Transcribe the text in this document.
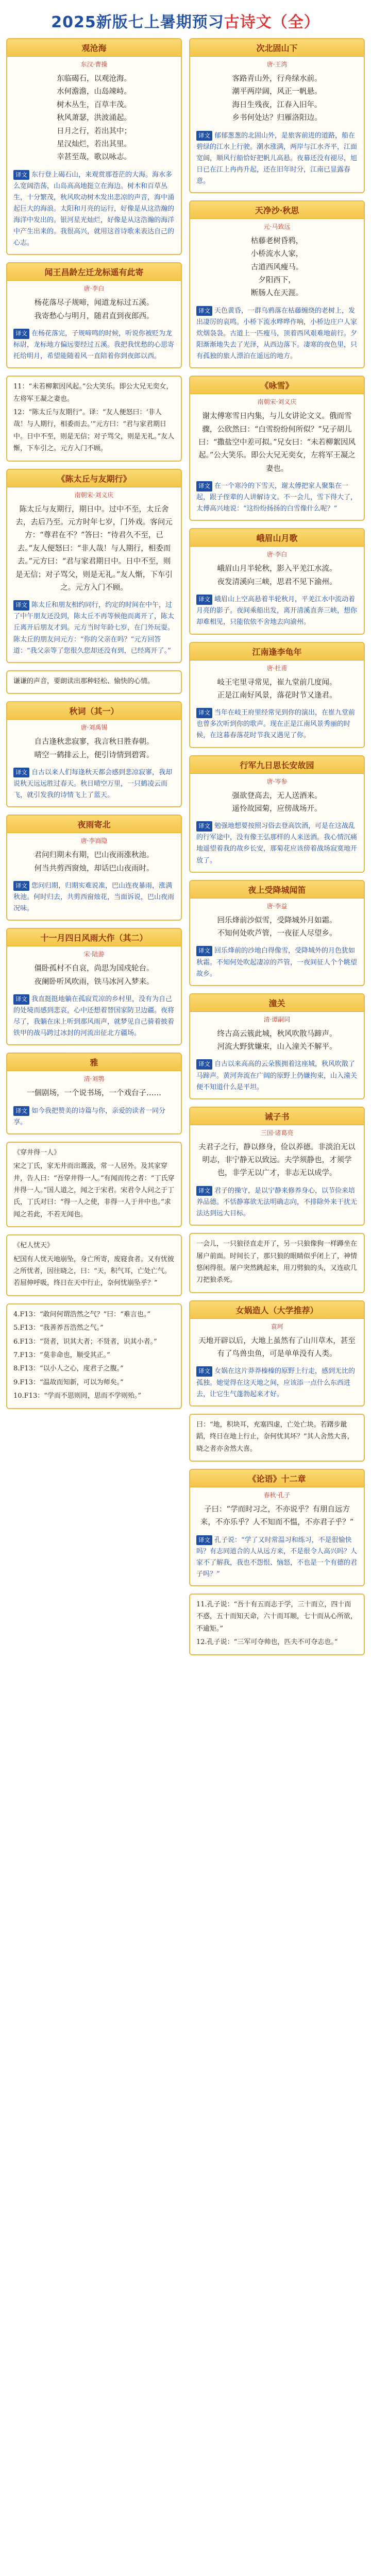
2025新版七上暑期预习古诗文（全）
观沧海
东汉·曹操
东临碣石，以观沧海。
水何澹澹，山岛竦峙。
树木丛生，百草丰茂。
秋风萧瑟，洪波涌起。
日月之行，若出其中；
星汉灿烂，若出其里。
幸甚至哉，歌以咏志。
译文 东行登上碣石山，来观赏那苍茫的大海。海水多么宽阔浩荡，山岛高高地挺立在海边。树木和百草丛生，十分繁茂，秋风吹动树木发出悲凉的声音，海中涌起巨大的海浪。太阳和月亮的运行，好像是从这浩瀚的海洋中发出的。银河星光灿烂，好像是从这浩瀚的海洋中产生出来的。我很高兴，就用这首诗歌来表达自己的心志。
闻王昌龄左迁龙标遥有此寄
唐·李白
杨花落尽子规啼，闻道龙标过五溪。
我寄愁心与明月，随君直到夜郎西。
译文 在杨花落完，子规啼鸣的时候，听说你被贬为龙标尉，龙标地方偏远要经过五溪。我把我忧愁的心思寄托给明月，希望能随着风一直陪着你到夜郎以西。

11：“未若柳絮因风起。”公大笑乐。即公大兄无奕女，左将军王凝之妻也。

12：“陈太丘与友期行”。译：“友人便怒曰：‘非人哉！与人期行，相委而去。’”元方曰：“君与家君期日中。日中不至，则是无信；对子骂父，则是无礼。”友人惭，下车引之。元方入门不顾。

《陈太丘与友期行》
南朝宋·刘义庆
陈太丘与友期行，期日中。过中不至，太丘舍去，去后乃至。元方时年七岁，门外戏。客问元方：“尊君在不？”答曰：“待君久不至，已去。”友人便怒曰：“非人哉！与人期行，相委而去。”元方曰：“君与家君期日中。日中不至，则是无信；对子骂父，则是无礼。”友人惭，下车引之。元方入门不顾。
译文 陈太丘和朋友相约同行，约定的时间在中午，过了中午朋友还没到，陈太丘不再等候他而离开了，陈太丘离开后朋友才到。元方当时年龄七岁，在门外玩耍。陈太丘的朋友问元方：“你的父亲在吗？”元方回答道：“我父亲等了您很久您却还没有到，已经离开了。”

谦谦的声音，要朗读出那种轻松、愉快的心情。

秋词（其一）
唐·刘禹锡
自古逢秋悲寂寥，我言秋日胜春朝。
晴空一鹤排云上，便引诗情到碧霄。
译文 自古以来人们每逢秋天都会感到悲凉寂寥，我却说秋天远远胜过春天。秋日晴空万里，一只鹤凌云而飞，就引发我的诗情飞上了蓝天。
夜雨寄北
唐·李商隐
君问归期未有期，巴山夜雨涨秋池。
何当共剪西窗烛，却话巴山夜雨时。
译文 您问归期，归期实难说准，巴山连夜暴雨，涨满秋池。何时归去，共剪西窗烛花，当面诉说，巴山夜雨况味。
十一月四日风雨大作（其二）
宋·陆游
僵卧孤村不自哀，尚思为国戍轮台。
夜阑卧听风吹雨，铁马冰河入梦来。
译文 我直挺挺地躺在孤寂荒凉的乡村里，没有为自己的处境而感到悲哀，心中还想着替国家防卫边疆。夜将尽了，我躺在床上听到那风雨声，就梦见自己骑着披着铁甲的战马跨过冰封的河流出征北方疆场。
雅
清·刘鹗
一個剧场，一个说书场，一个戏台子……
译文 如今我把赞美的诗篇与你，亲爱的读者一同分享。

《穿井得一人》

宋之丁氏，家无井而出溉汲，常一人居外。及其家穿井，告人曰：“吾穿井得一人。”有闻而传之者：“丁氏穿井得一人。”国人道之，闻之于宋君。宋君令人问之于丁氏，丁氏对曰：“得一人之使，非得一人于井中也。”求闻之若此，不若无闻也。

《杞人忧天》

杞国有人忧天地崩坠，身亡所寄，废寝食者。又有忧彼之所忧者，因往晓之，曰：“天，积气耳，亡处亡气。若屈伸呼吸，终日在天中行止，奈何忧崩坠乎？”

4.F13：“敢问何谓浩然之气？”曰：“难言也。”

5.F13：“我善养吾浩然之气。”

6.F13：“贤者，识其大者；不贤者，识其小者。”

7.F13：“莫非命也，顺受其正。”

8.F13：“以小人之心，度君子之腹。”

9.F13：“温故而知新，可以为师矣。”

10.F13：“学而不思则罔，思而不学则殆。”

次北固山下
唐·王湾
客路青山外，行舟绿水前。
潮平两岸阔，风正一帆悬。
海日生残夜，江春入旧年。
乡书何处达？归雁洛阳边。
译文 郁郁葱葱的北固山外，是旅客前进的道路，船在碧绿的江水上行驶。潮水涨满，两岸与江水齐平，江面宽阔，顺风行船恰好把帆儿高悬。夜幕还没有褪尽，旭日已在江上冉冉升起，还在旧年时分，江南已显露春意。
天净沙·秋思
元·马致远
枯藤老树昏鸦，
小桥流水人家，
古道西风瘦马。
夕阳西下，
断肠人在天涯。
译文 天色黄昏，一群乌鸦落在枯藤缠绕的老树上，发出凄厉的哀鸣。小桥下流水哗哗作响，小桥边庄户人家炊烟袅袅。古道上一匹瘦马，顶着西风艰难地前行。夕阳渐渐地失去了光泽，从西边落下。凄寒的夜色里，只有孤独的旅人漂泊在遥远的地方。
《咏雪》
南朝宋·刘义庆
谢太傅寒雪日内集，与儿女讲论文义。俄而雪骤，公欣然曰：“白雪纷纷何所似？”兄子胡儿曰：“撒盐空中差可拟。”兄女曰：“未若柳絮因风起。”公大笑乐。即公大兄无奕女，左将军王凝之妻也。
译文 在一个寒冷的下雪天，谢太傅把家人聚集在一起，跟子侄辈的人讲解诗文。不一会儿，雪下得大了，太傅高兴地说：“这纷纷扬扬的白雪像什么呢？”
峨眉山月歌
唐·李白
峨眉山月半轮秋，影入平羌江水流。
夜发清溪向三峡，思君不见下渝州。
译文 峨眉山上空高悬着半轮秋月，平羌江水中流动着月亮的影子。夜间乘船出发，离开清溪直奔三峡，想你却难相见，只能依依不舍地去向渝州。
江南逢李龟年
唐·杜甫
岐王宅里寻常见，崔九堂前几度闻。
正是江南好风景，落花时节又逢君。
译文 当年在岐王府里经常见到你的演出，在崔九堂前也曾多次听到你的歌声。现在正是江南风景秀丽的时候，在这暮春落花时节我又遇见了你。
行军九日思长安故园
唐·岑参
强欲登高去，无人送酒来。
遥怜故园菊，应傍战场开。
译文 勉强地想要按照习俗去登高饮酒，可是在这战乱的行军途中，没有像王弘那样的人来送酒。我心情沉痛地遥望着我的故乡长安，那菊花应该傍着战场寂寞地开放了。
夜上受降城闻笛
唐·李益
回乐烽前沙似雪，受降城外月如霜。
不知何处吹芦管，一夜征人尽望乡。
译文 回乐烽前的沙地白得像雪，受降城外的月色犹如秋霜。不知何处吹起凄凉的芦管，一夜间征人个个眺望故乡。
潼关
清·谭嗣同
终古高云簇此城，秋风吹散马蹄声。
河流大野犹嫌束，山入潼关不解平。
译文 自古以来高高的云朵簇拥着这座城，秋风吹散了马蹄声。黄河奔流在广阔的原野上仍嫌拘束，山入潼关便不知道什么是平坦。
诫子书
三国·诸葛亮
夫君子之行，静以修身，俭以养德。非淡泊无以明志，非宁静无以致远。夫学须静也，才须学也，非学无以广才，非志无以成学。
译文 君子的操守，是以宁静来修养身心，以节俭来培养品德。不恬静寡欲无法明确志向，不排除外来干扰无法达到远大目标。

一会儿，一只狼径直走开了，另一只狼像狗一样蹲坐在屠户前面。时间长了，那只狼的眼睛似乎闭上了，神情悠闲得很。屠户突然跳起来，用刀劈狼的头，又连砍几刀把狼杀死。

女娲造人（大学推荐）
袁珂
天地开辟以后，大地上虽然有了山川草木，甚至有了鸟兽虫鱼，可是单单没有人类。
译文 女娲在这片莽莽榛榛的原野上行走，感到无比的孤独。她觉得在这天地之间，应该添一点什么东西进去，让它生气蓬勃起来才好。

曰：“地，积块耳，充塞四虚，亡处亡块。若躇步跐蹈，终日在地上行止，奈何忧其坏？”其人舍然大喜，晓之者亦舍然大喜。

《论语》十二章
春秋·孔子
子曰：“学而时习之，不亦说乎？有朋自远方来，不亦乐乎？人不知而不愠，不亦君子乎？”
译文 孔子说：“学了又时常温习和练习，不是很愉快吗？有志同道合的人从远方来，不是很令人高兴吗？人家不了解我，我也不怨恨、恼怒，不也是一个有德的君子吗？”

11.孔子说：“吾十有五而志于学，三十而立，四十而不惑，五十而知天命，六十而耳顺，七十而从心所欲，不逾矩。”

12.孔子说：“三军可夺帅也，匹夫不可夺志也。”
